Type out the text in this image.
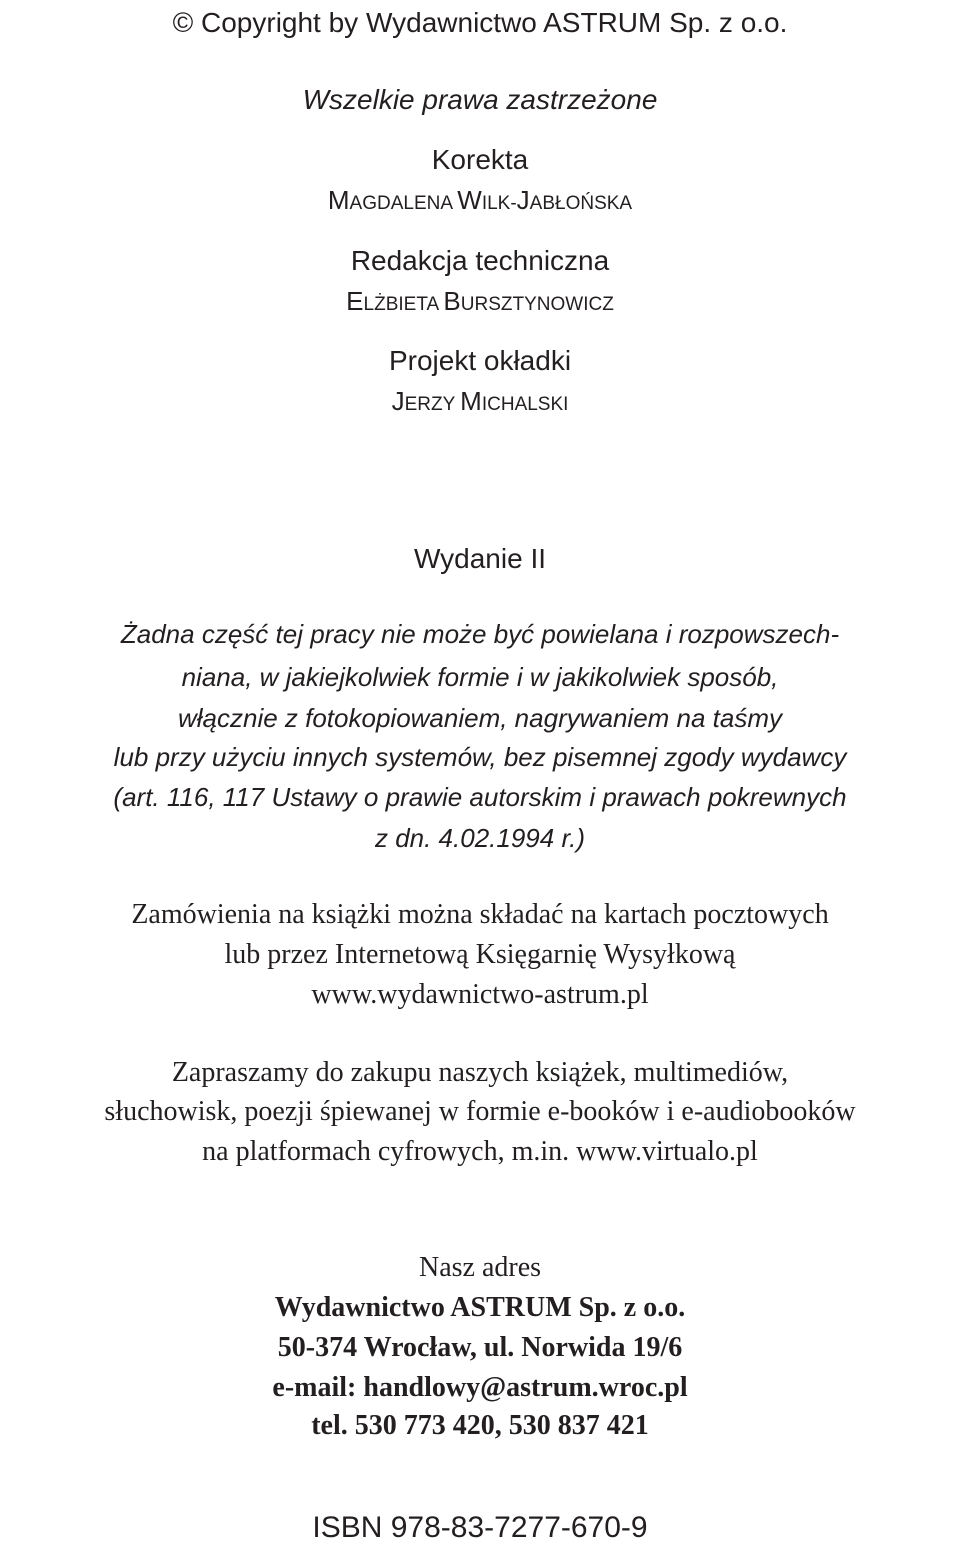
© Copyright by Wydawnictwo ASTRUM Sp. z o.o.
Wszelkie prawa zastrzeżone
Korekta
MAGDALENA WILK-JABŁOŃSKA
Redakcja techniczna
ELŻBIETA BURSZTYNOWICZ
Projekt okładki
JERZY MICHALSKI
Wydanie II
Żadna część tej pracy nie może być powielana i rozpowszech-
niana, w jakiejkolwiek formie i w jakikolwiek sposób,
włącznie z fotokopiowaniem, nagrywaniem na taśmy
lub przy użyciu innych systemów, bez pisemnej zgody wydawcy
(art. 116, 117 Ustawy o prawie autorskim i prawach pokrewnych
z dn. 4.02.1994 r.)
Zamówienia na książki można składać na kartach pocztowych
lub przez Internetową Księgarnię Wysyłkową
www.wydawnictwo-astrum.pl
Zapraszamy do zakupu naszych książek, multimediów,
słuchowisk, poezji śpiewanej w formie e-booków i e-audiobooków
na platformach cyfrowych, m.in. www.virtualo.pl
Nasz adres
Wydawnictwo ASTRUM Sp. z o.o.
50-374 Wrocław, ul. Norwida 19/6
e-mail: handlowy@astrum.wroc.pl
tel. 530 773 420, 530 837 421
ISBN 978-83-7277-670-9
